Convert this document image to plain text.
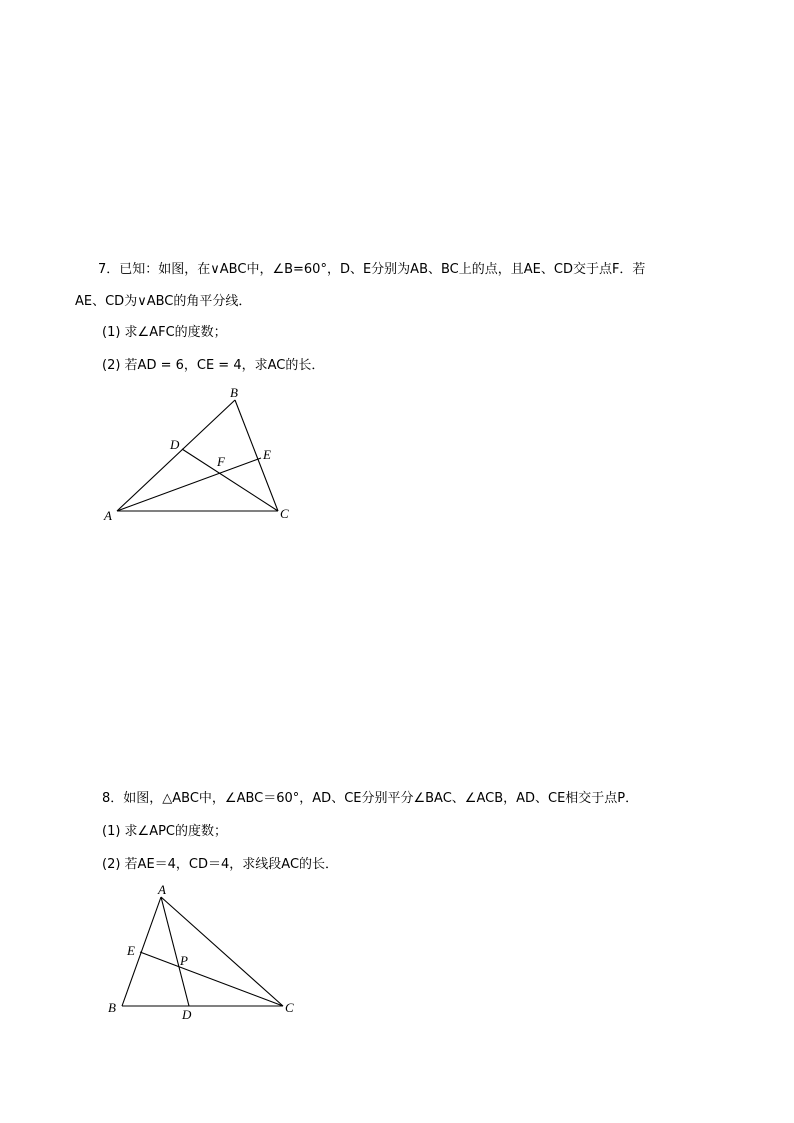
7．已知：如图，在∨ABC中，∠B=60°，D、E分别为AB、BC上的点，且AE、CD交于点F．若
AE、CD为∨ABC的角平分线．
(1) 求∠AFC的度数；
(2) 若AD = 6，CE = 4，求AC的长．
A
B
C
D
E
F
8．如图，△ABC中，∠ABC＝60°，AD、CE分别平分∠BAC、∠ACB，AD、CE相交于点P．
(1) 求∠APC的度数；
(2) 若AE＝4，CD＝4，求线段AC的长．
A
B	C
D
E
P
